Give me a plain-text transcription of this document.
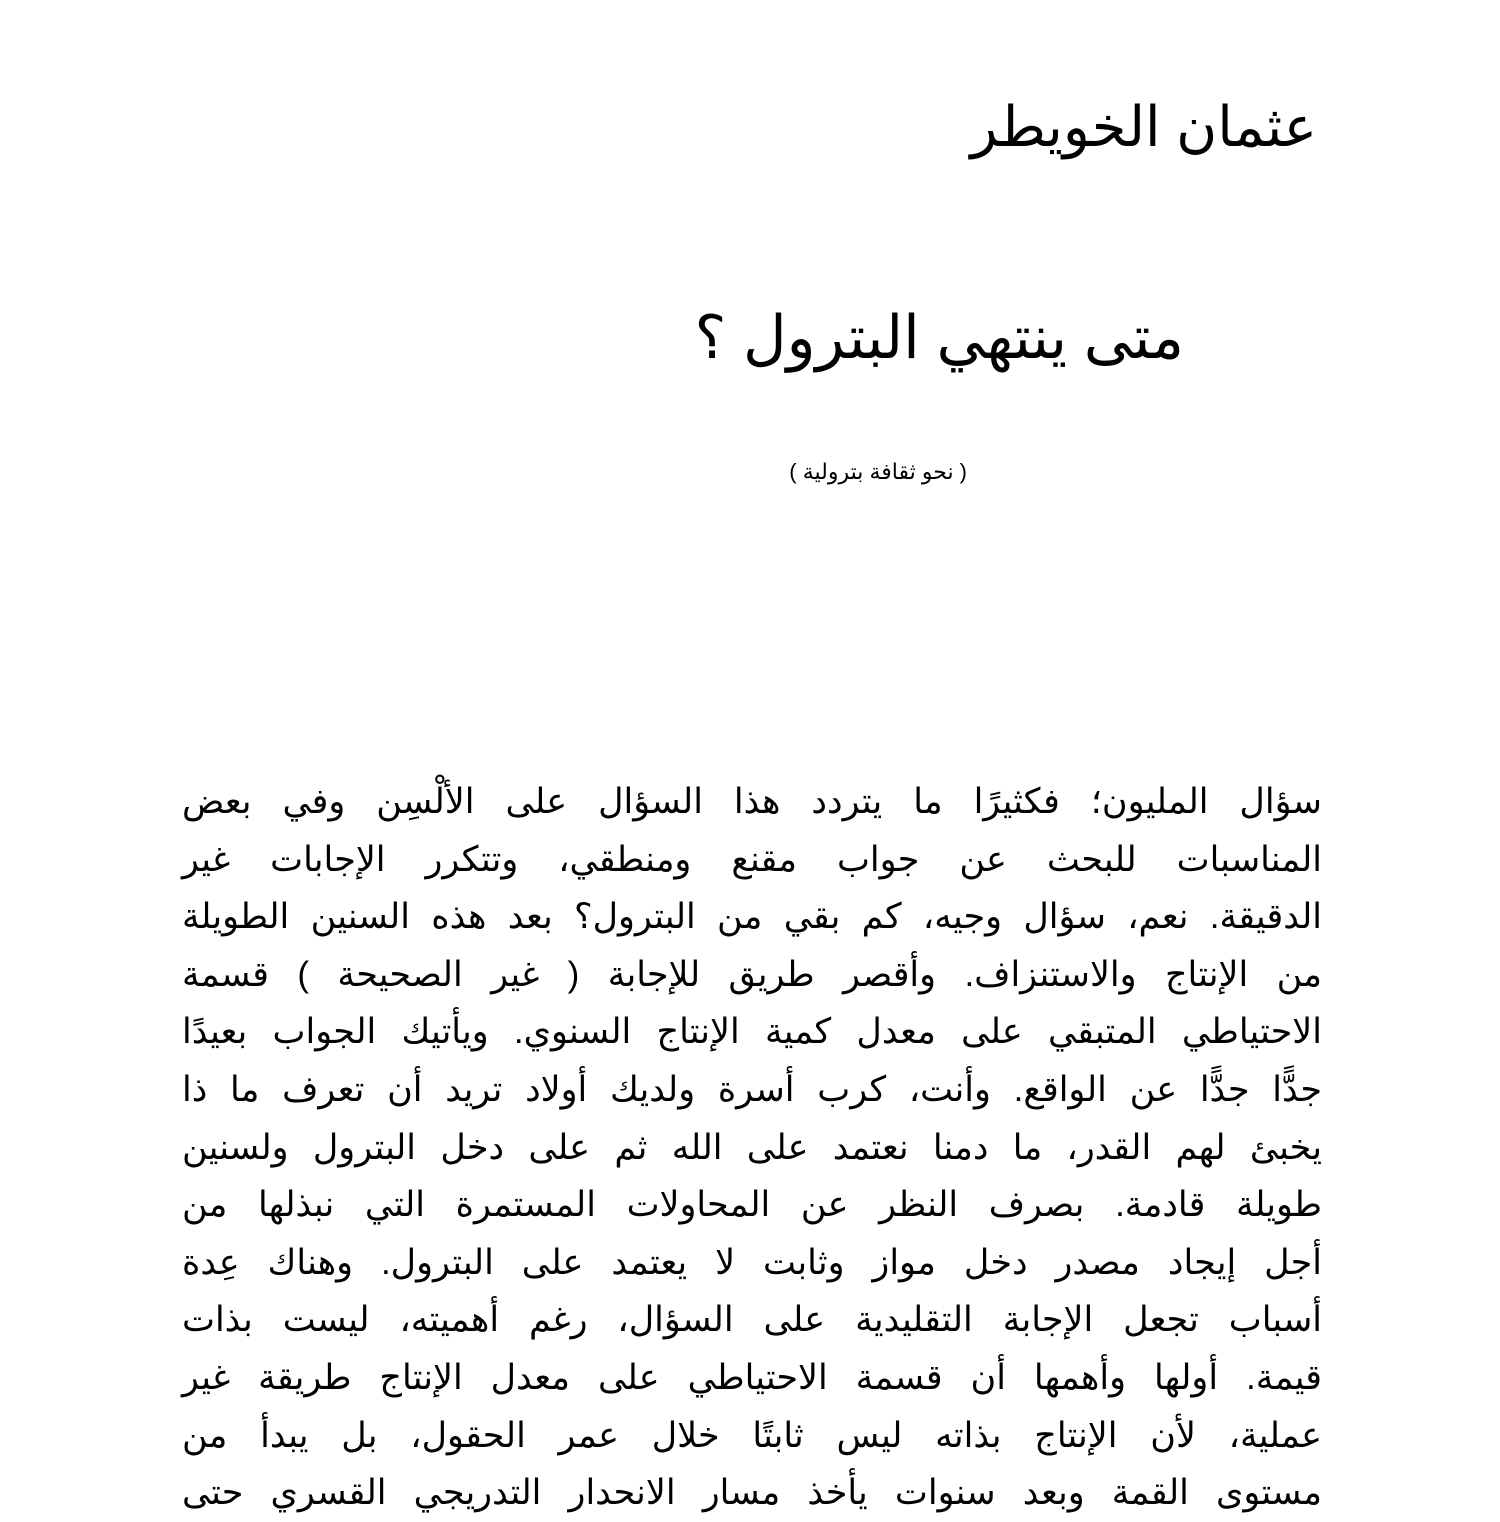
عثمان الخويطر
متى ينتهي البترول ؟
( نحو ثقافة بترولية )
سؤال المليون؛ فكثيرًا ما يتردد هذا السؤال على الألْسِن وفي بعض
المناسبات للبحث عن جواب مقنع ومنطقي، وتتكرر الإجابات غير
الدقيقة. نعم، سؤال وجيه، كم بقي من البترول؟ بعد هذه السنين الطويلة
من الإنتاج والاستنزاف. وأقصر طريق للإجابة ( غير الصحيحة ) قسمة
الاحتياطي المتبقي على معدل كمية الإنتاج السنوي. ويأتيك الجواب بعيدًا
جدًّا جدًّا عن الواقع. وأنت، كرب أسرة ولديك أولاد تريد أن تعرف ما ذا
يخبئ لهم القدر، ما دمنا نعتمد على الله ثم على دخل البترول ولسنين
طويلة قادمة. بصرف النظر عن المحاولات المستمرة التي نبذلها من
أجل إيجاد مصدر دخل مواز وثابت لا يعتمد على البترول. وهناك عِدة
أسباب تجعل الإجابة التقليدية على السؤال، رغم أهميته، ليست بذات
قيمة. أولها وأهمها أن قسمة الاحتياطي على معدل الإنتاج طريقة غير
عملية، لأن الإنتاج بذاته ليس ثابتًا خلال عمر الحقول، بل يبدأ من
مستوى القمة وبعد سنوات يأخذ مسار الانحدار التدريجي القسري حتى
